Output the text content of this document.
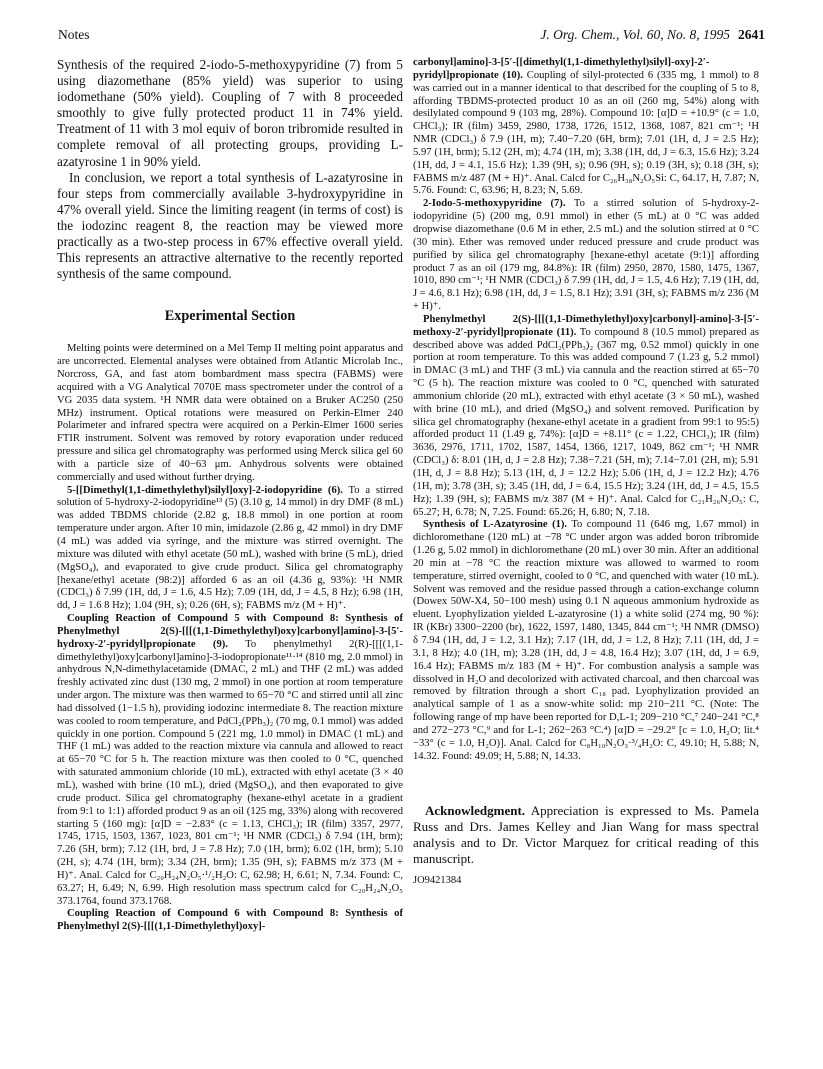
Notes	J. Org. Chem., Vol. 60, No. 8, 1995 2641

Synthesis of the required 2-iodo-5-methoxypyridine (7) from 5 using diazomethane (85% yield) was superior to using iodomethane (50% yield). Coupling of 7 with 8 proceeded smoothly to give fully protected product 11 in 74% yield. Treatment of 11 with 3 mol equiv of boron tribromide resulted in complete removal of all protecting groups, providing L-azatyrosine 1 in 90% yield.

In conclusion, we report a total synthesis of L-azatyrosine in four steps from commercially available 3-hydroxypyridine in 47% overall yield. Since the limiting reagent (in terms of cost) is the iodozinc reagent 8, the reaction may be viewed more practically as a two-step process in 67% effective overall yield. This represents an attractive alternative to the recently reported synthesis of the same compound.

Experimental Section

Melting points were determined on a Mel Temp II melting point apparatus and are uncorrected. Elemental analyses were obtained from Atlantic Microlab Inc., Norcross, GA, and fast atom bombardment mass spectra (FABMS) were acquired with a VG Analytical 7070E mass spectrometer under the control of a VG 2035 data system. ¹H NMR data were obtained on a Bruker AC250 (250 MHz) instrument. Optical rotations were measured on Perkin-Elmer 240 Polarimeter and infrared spectra were acquired on a Perkin-Elmer 1600 series FTIR instrument. Solvent was removed by rotory evaporation under reduced pressure and silica gel chromatography was performed using Merck silica gel 60 with a particle size of 40−63 μm. Anhydrous solvents were obtained commercially and used without further drying.

5-[[Dimethyl(1,1-dimethylethyl)silyl]oxy]-2-iodopyridine (6). To a stirred solution of 5-hydroxy-2-iodopyridine¹³ (5) (3.10 g, 14 mmol) in dry DMF (8 mL) was added TBDMS chloride (2.82 g, 18.8 mmol) in one portion at room temperature under argon. After 10 min, imidazole (2.86 g, 42 mmol) in dry DMF (4 mL) was added via syringe, and the mixture was stirred overnight. The mixture was diluted with ethyl acetate (50 mL), washed with brine (5 mL), dried (MgSO₄), and evaporated to give crude product. Silica gel chromatography [hexane/ethyl acetate (98:2)] afforded 6 as an oil (4.36 g, 93%): ¹H NMR (CDCl₃) δ 7.99 (1H, dd, J = 1.6, 4.5 Hz); 7.09 (1H, dd, J = 4.5, 8 Hz); 6.98 (1H, dd, J = 1.6 8 Hz); 1.04 (9H, s); 0.26 (6H, s); FABMS m/z (M + H)⁺.

Coupling Reaction of Compound 5 with Compound 8: Synthesis of Phenylmethyl 2(S)-[[[(1,1-Dimethylethyl)oxy]carbonyl]amino]-3-[5′-hydroxy-2′-pyridyl]propionate (9). To phenylmethyl 2(R)-[[[(1,1-dimethylethyl)oxy]carbonyl]amino]-3-iodopropionate¹¹·¹⁴ (810 mg, 2.0 mmol) in anhydrous N,N-dimethylacetamide (DMAC, 2 mL) and THF (2 mL) was added freshly activated zinc dust (130 mg, 2 mmol) in one portion at room temperature under argon. The mixture was then warmed to 65−70 °C and stirred until all zinc had dissolved (1−1.5 h), providing iodozinc intermediate 8. The reaction mixture was cooled to room temperature, and PdCl₂(PPh₃)₂ (70 mg, 0.1 mmol) was added quickly in one portion. Compound 5 (221 mg, 1.0 mmol) in DMAC (1 mL) and THF (1 mL) was added to the reaction mixture via cannula and allowed to react at 65−70 °C for 5 h. The reaction mixture was then cooled to 0 °C, quenched with saturated ammonium chloride (10 mL), extracted with ethyl acetate (3 × 40 mL), washed with brine (10 mL), dried (MgSO₄), and then evaporated to give crude product. Silica gel chromatography (hexane-ethyl acetate in a gradient from 9:1 to 1:1) afforded product 9 as an oil (125 mg, 33%) along with recovered starting 5 (160 mg): [α]D = −2.83° (c = 1.13, CHCl₃); IR (film) 3357, 2977, 1745, 1715, 1503, 1367, 1023, 801 cm⁻¹; ¹H NMR (CDCl₃) δ 7.94 (1H, brm); 7.26 (5H, brm); 7.12 (1H, brd, J = 7.8 Hz); 7.0 (1H, brm); 6.02 (1H, brm); 5.10 (2H, s); 4.74 (1H, brm); 3.34 (2H, brm); 1.35 (9H, s); FABMS m/z 373 (M + H)⁺. Anal. Calcd for C₂₀H₂₄N₂O₅·¹/₂H₂O: C, 62.98; H, 6.61; N, 7.34. Found: C, 63.27; H, 6.49; N, 6.99. High resolution mass spectrum calcd for C₂₀H₂₄N₂O₅ 373.1764, found 373.1768.

Coupling Reaction of Compound 6 with Compound 8: Synthesis of Phenylmethyl 2(S)-[[[(1,1-Dimethylethyl)oxy]-

carbonyl]amino]-3-[5′-[[dimethyl(1,1-dimethylethyl)silyl]-oxy]-2′-pyridyl]propionate (10). Coupling of silyl-protected 6 (335 mg, 1 mmol) to 8 was carried out in a manner identical to that described for the coupling of 5 to 8, affording TBDMS-protected product 10 as an oil (260 mg, 54%) along with desilylated compound 9 (103 mg, 28%). Compound 10: [α]D = +10.9° (c = 1.0, CHCl₃); IR (film) 3459, 2980, 1738, 1726, 1512, 1368, 1087, 821 cm⁻¹; ¹H NMR (CDCl₃) δ 7.9 (1H, m); 7.40−7.20 (6H, brm); 7.01 (1H, d, J = 2.5 Hz); 5.97 (1H, brm); 5.12 (2H, m); 4.74 (1H, m); 3.38 (1H, dd, J = 6.3, 15.6 Hz); 3.24 (1H, dd, J = 4.1, 15.6 Hz); 1.39 (9H, s); 0.96 (9H, s); 0.19 (3H, s); 0.18 (3H, s); FABMS m/z 487 (M + H)⁺. Anal. Calcd for C₂₆H₃₈N₂O₅Si: C, 64.17, H, 7.87; N, 5.76. Found: C, 63.96; H, 8.23; N, 5.69.

2-Iodo-5-methoxypyridine (7). To a stirred solution of 5-hydroxy-2-iodopyridine (5) (200 mg, 0.91 mmol) in ether (5 mL) at 0 °C was added dropwise diazomethane (0.6 M in ether, 2.5 mL) and the solution stirred at 0 °C (30 min). Ether was removed under reduced pressure and crude product was purified by silica gel chromatography [hexane-ethyl acetate (9:1)] affording product 7 as an oil (179 mg, 84.8%): IR (film) 2950, 2870, 1580, 1475, 1367, 1010, 890 cm⁻¹; ¹H NMR (CDCl₃) δ 7.99 (1H, dd, J = 1.5, 4.6 Hz); 7.19 (1H, dd, J = 4.6, 8.1 Hz); 6.98 (1H, dd, J = 1.5, 8.1 Hz); 3.91 (3H, s); FABMS m/z 236 (M + H)⁺.

Phenylmethyl 2(S)-[[[(1,1-Dimethylethyl)oxy]carbonyl]-amino]-3-[5′-methoxy-2′-pyridyl]propionate (11). To compound 8 (10.5 mmol) prepared as described above was added PdCl₂(PPh₃)₂ (367 mg, 0.52 mmol) quickly in one portion at room temperature. To this was added compound 7 (1.23 g, 5.2 mmol) in DMAC (3 mL) and THF (3 mL) via cannula and the reaction stirred at 65−70 °C (5 h). The reaction mixture was cooled to 0 °C, quenched with saturated ammonium chloride (20 mL), extracted with ethyl acetate (3 × 50 mL), washed with brine (10 mL), and dried (MgSO₄) and solvent removed. Purification by silica gel chromatography (hexane-ethyl acetate in a gradient from 99:1 to 95:5) afforded product 11 (1.49 g, 74%): [α]D = +8.11° (c = 1.22, CHCl₃); IR (film) 3636, 2976, 1711, 1702, 1587, 1454, 1366, 1217, 1049, 862 cm⁻¹; ¹H NMR (CDCl₃) δ: 8.01 (1H, d, J = 2.8 Hz); 7.38−7.21 (5H, m); 7.14−7.01 (2H, m); 5.91 (1H, d, J = 8.8 Hz); 5.13 (1H, d, J = 12.2 Hz); 5.06 (1H, d, J = 12.2 Hz); 4.76 (1H, m); 3.78 (3H, s); 3.45 (1H, dd, J = 6.4, 15.5 Hz); 3.24 (1H, dd, J = 4.5, 15.5 Hz); 1.39 (9H, s); FABMS m/z 387 (M + H)⁺. Anal. Calcd for C₂₁H₂₆N₂O₅: C, 65.27; H, 6.78; N, 7.25. Found: 65.26; H, 6.80; N, 7.18.

Synthesis of L-Azatyrosine (1). To compound 11 (646 mg, 1.67 mmol) in dichloromethane (120 mL) at −78 °C under argon was added boron tribromide (1.26 g, 5.02 mmol) in dichloromethane (20 mL) over 30 min. After an additional 20 min at −78 °C the reaction mixture was allowed to warmed to room temperature, stirred overnight, cooled to 0 °C, and quenched with water (10 mL). Solvent was removed and the residue passed through a cation-exchange column (Dowex 50W-X4, 50−100 mesh) using 0.1 N aqueous ammonium hydroxide as eluent. Lyophylization yielded L-azatyrosine (1) a white solid (274 mg, 90 %): IR (KBr) 3300−2200 (br), 1622, 1597, 1480, 1345, 844 cm⁻¹; ¹H NMR (DMSO) δ 7.94 (1H, dd, J = 1.2, 3.1 Hz); 7.17 (1H, dd, J = 1.2, 8 Hz); 7.11 (1H, dd, J = 3.1, 8 Hz); 4.0 (1H, m); 3.28 (1H, dd, J = 4.8, 16.4 Hz); 3.07 (1H, dd, J = 6.9, 16.4 Hz); FABMS m/z 183 (M + H)⁺. For combustion analysis a sample was dissolved in H₂O and decolorized with activated charcoal, and then charcoal was removed by filtration through a short C₁₈ pad. Lyophylization provided an analytical sample of 1 as a snow-white solid: mp 210−211 °C. (Note: The following range of mp have been reported for D,L-1; 209−210 °C,⁷ 240−241 °C,⁸ and 272−273 °C,⁹ and for L-1; 262−263 °C.⁴) [α]D = −29.2° [c = 1.0, H₂O; lit.⁴ −33° (c = 1.0, H₂O)]. Anal. Calcd for C₈H₁₀N₂O₃·³/₄H₂O: C, 49.10; H, 5.88; N, 14.32. Found: 49.09; H, 5.88; N, 14.33.

Acknowledgment. Appreciation is expressed to Ms. Pamela Russ and Drs. James Kelley and Jian Wang for mass spectral analysis and to Dr. Victor Marquez for critical reading of this manuscript.

JO9421384
